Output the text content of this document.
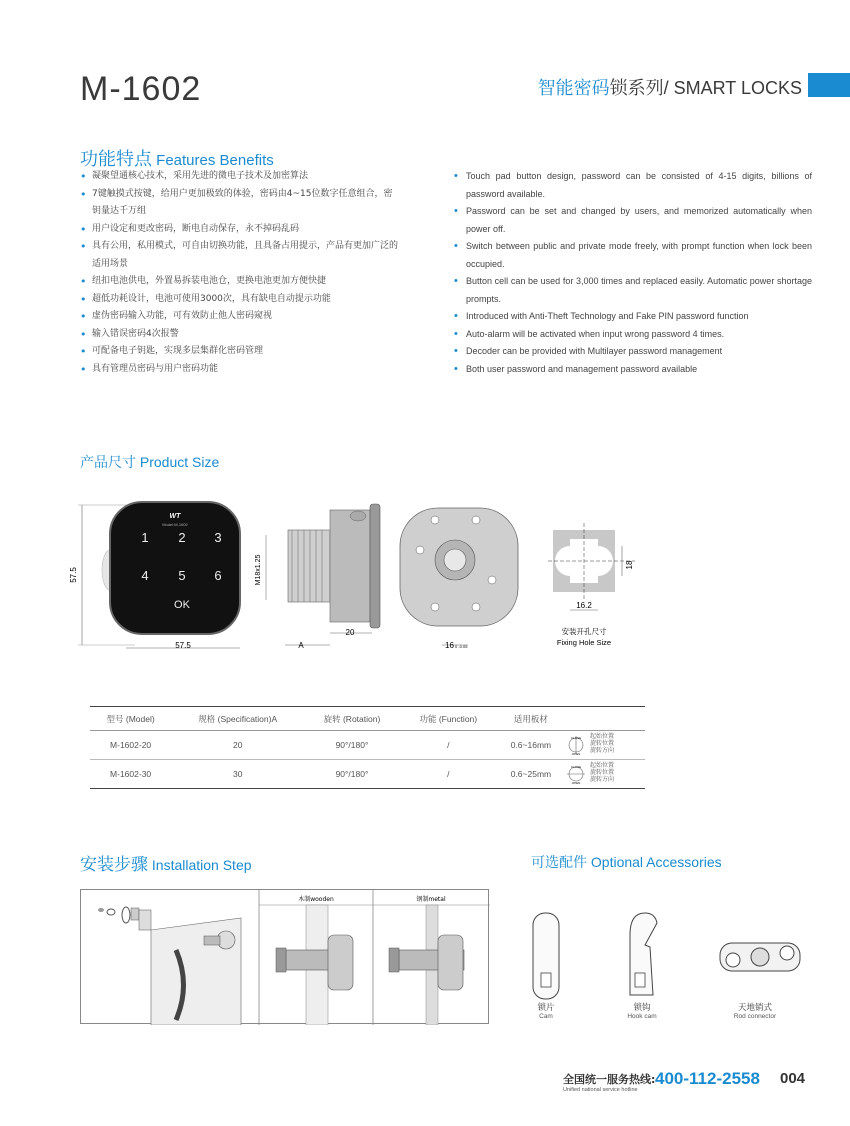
M-1602	智能密码锁系列/ SMART LOCKS
功能特点 Features Benefits
• 凝聚望通核心技术，采用先进的微电子技术及加密算法
• 7键触摸式按键，给用户更加极致的体验，密码由4~15位数字任意组合，密钥量达千万组
• 用户设定和更改密码，断电自动保存，永不掉码乱码
• 具有公用，私用模式，可自由切换功能，且具备占用提示，产品有更加广泛的适用场景
• 纽扣电池供电，外置易拆装电池仓，更换电池更加方便快捷
• 超低功耗设计，电池可使用3000次，具有缺电自动提示功能
• 虚伪密码输入功能，可有效防止他人密码窥视
• 输入错误密码4次报警
• 可配备电子钥匙，实现多层集群化密码管理
• 具有管理员密码与用户密码功能
• Touch pad button design, password can be consisted of 4-15 digits, billions of password available.
• Password can be set and changed by users, and memorized automatically when power off.
• Switch between public and private mode freely, with prompt function when lock been occupied.
• Button cell can be used for 3,000 times and replaced easily. Automatic power shortage prompts.
• Introduced with Anti-Theft Technology and Fake PIN password function
• Auto-alarm will be activated when input wrong password 4 times.
• Decoder can be provided with Multilayer password management
• Both user password and management password available
产品尺寸 Product Size
57.5
WT
Model:M-1602
1 2 3
4 5 6
OK
57.5
M18x1.25
A
20
16 0 -0.05
18
16.2
安装开孔尺寸
Fixing Hole Size
型号 (Model)	规格 (Specification)A	旋转 (Rotation)	功能 (Function)	适用板材	
M-1602-20	20	90°/180°	/	0.6~16mm	CLOSE
OPEN
起始位置
旋转位置
旋转方向
M-1602-30	30	90°/180°	/	0.6~25mm	CLOSE
OPEN
起始位置
旋转位置
旋转方向
安装步骤 Installation Step
木制wooden	钢制metal
可选配件 Optional Accessories
锁片
Cam
锁钩
Hook cam
天地销式
Rod connector
全国统一服务热线:
Unified national service hotline
400-112-2558 004
